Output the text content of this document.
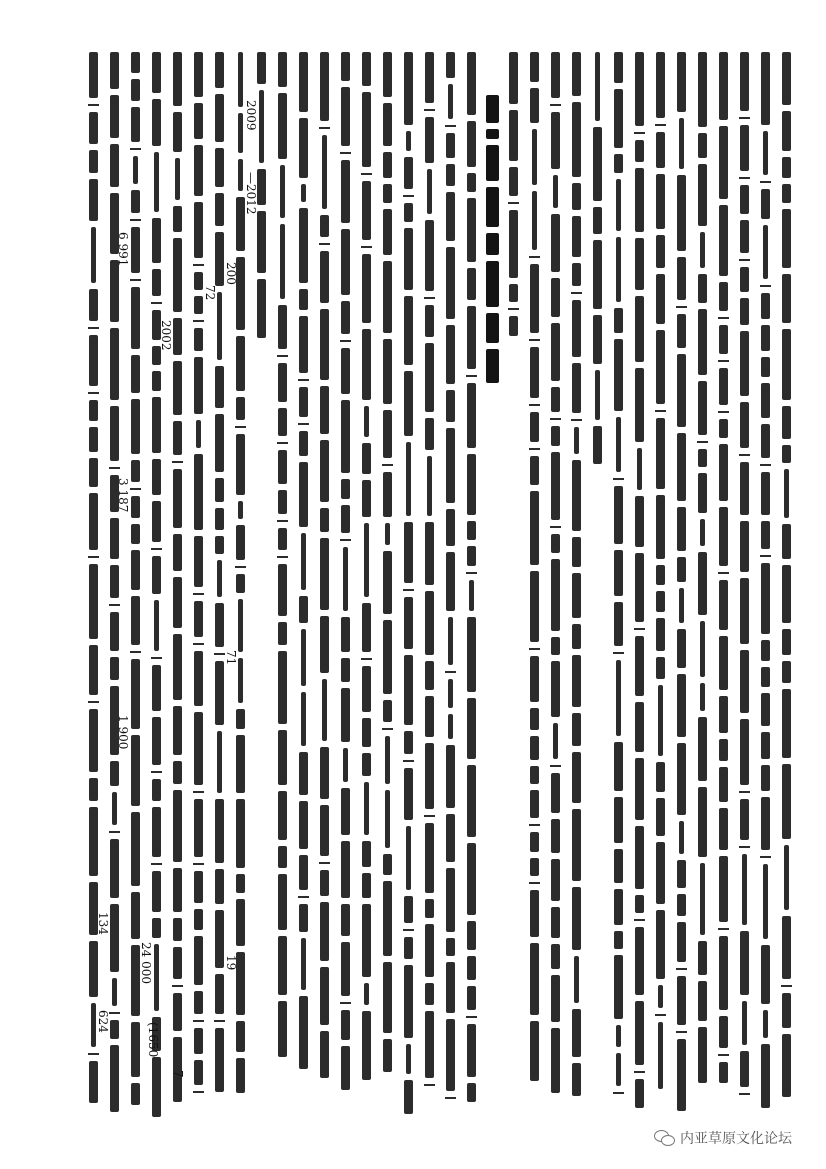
6 991
3 187
1 900
134
624
24 000
2002
72
71
19
200
2009
—2012
(1650
7
内亚草原文化论坛
